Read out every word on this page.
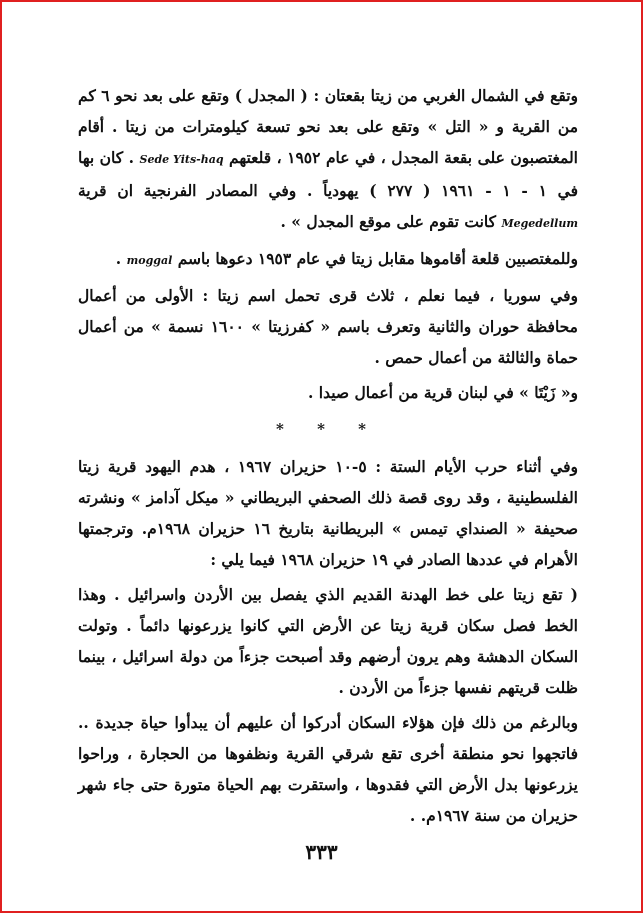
وتقع في الشمال الغربي من زيتا بقعتان : ( المجدل ) وتقع على بعد نحو ٦ كم من القرية و « التل » وتقع على بعد نحو تسعة كيلومترات من زيتا . أقام المغتصبون على بقعة المجدل ، في عام ١٩٥٢ ، قلعتهم Sede Yits-haq . كان بها في ١ - ١ - ١٩٦١ ( ٢٧٧ ) يهودياً . وفي المصادر الفرنجية ان قرية Megedellum كانت تقوم على موقع المجدل » .

وللمغتصبين قلعة أقاموها مقابل زيتا في عام ١٩٥٣ دعوها باسم moggal .

وفي سوريا ، فيما نعلم ، ثلاث قرى تحمل اسم زيتا : الأولى من أعمال محافظة حوران والثانية وتعرف باسم « كفرزيتا » ١٦٠٠ نسمة » من أعمال حماة والثالثة من أعمال حمص .

و« زَيْتَا » في لبنان قرية من أعمال صيدا .

* * *

وفي أثناء حرب الأيام الستة : ٥-١٠ حزيران ١٩٦٧ ، هدم اليهود قرية زيتا الفلسطينية ، وقد روى قصة ذلك الصحفي البريطاني « ميكل آدامز » ونشرته صحيفة « الصنداي تيمس » البريطانية بتاريخ ١٦ حزيران ١٩٦٨م. وترجمتها الأهرام في عددها الصادر في ١٩ حزيران ١٩٦٨ فيما يلي :

( تقع زيتا على خط الهدنة القديم الذي يفصل بين الأردن واسرائيل . وهذا الخط فصل سكان قرية زيتا عن الأرض التي كانوا يزرعونها دائماً . وتولت السكان الدهشة وهم يرون أرضهم وقد أصبحت جزءاً من دولة اسرائيل ، بينما ظلت قريتهم نفسها جزءاً من الأردن .

وبالرغم من ذلك فإن هؤلاء السكان أدركوا أن عليهم أن يبدأوا حياة جديدة .. فاتجهوا نحو منطقة أخرى تقع شرقي القرية ونظفوها من الحجارة ، وراحوا يزرعونها بدل الأرض التي فقدوها ، واستقرت بهم الحياة متورة حتى جاء شهر حزيران من سنة ١٩٦٧م. .

٣٣٣
